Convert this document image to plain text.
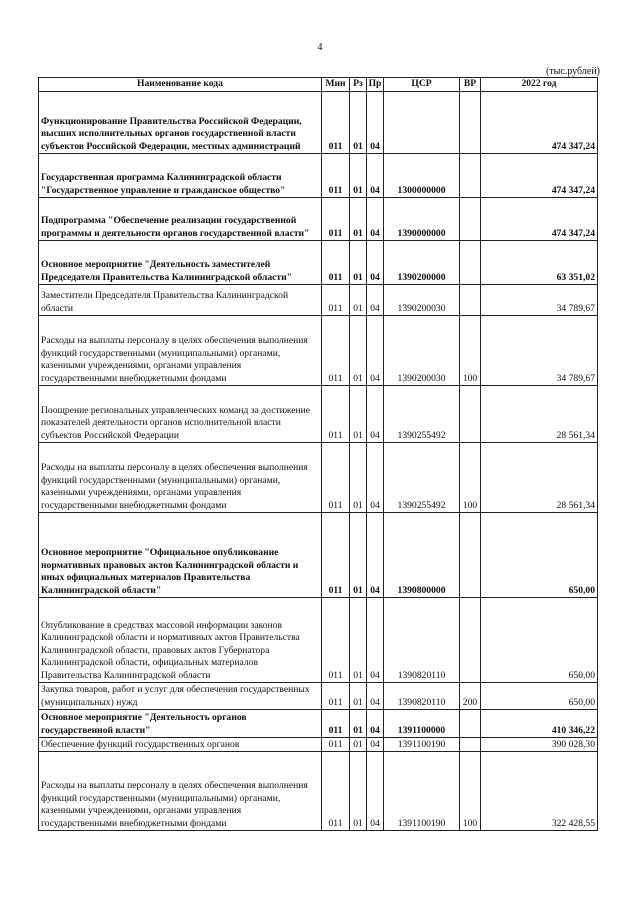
4
(тыс.рублей)
Наименование кода	Мин	Рз	Пр	ЦСР	ВР	2022 год
Функционирование Правительства Российской Федерации, высших исполнительных органов государственной власти субъектов Российской Федерации, местных администраций	011	01	04			474 347,24
Государственная программа Калининградской области "Государственное управление и гражданское общество"	011	01	04	1300000000		474 347,24
Подпрограмма "Обеспечение реализации государственной программы и деятельности органов государственной власти"	011	01	04	1390000000		474 347,24
Основное мероприятие "Деятельность заместителей Председателя Правительства Калининградской области"	011	01	04	1390200000		63 351,02
Заместители Председателя Правительства Калининградской области	011	01	04	1390200030		34 789,67
Расходы на выплаты персоналу в целях обеспечения выполнения функций государственными (муниципальными) органами, казенными учреждениями, органами управления государственными внебюджетными фондами	011	01	04	1390200030	100	34 789,67
Поощрение региональных управленческих команд за достижение показателей деятельности органов исполнительной власти субъектов Российской Федерации	011	01	04	1390255492		28 561,34
Расходы на выплаты персоналу в целях обеспечения выполнения функций государственными (муниципальными) органами, казенными учреждениями, органами управления государственными внебюджетными фондами	011	01	04	1390255492	100	28 561,34
Основное мероприятие "Официальное опубликование нормативных правовых актов Калининградской области и иных официальных материалов Правительства Калининградской области"	011	01	04	1390800000		650,00
Опубликование в средствах массовой информации законов Калининградской области и нормативных актов Правительства Калининградской области, правовых актов Губернатора Калининградской области, официальных материалов Правительства Калининградской области	011	01	04	1390820110		650,00
Закупка товаров, работ и услуг для обеспечения государственных (муниципальных) нужд	011	01	04	1390820110	200	650,00
Основное мероприятие "Деятельность органов государственной власти"	011	01	04	1391100000		410 346,22
Обеспечение функций государственных органов	011	01	04	1391100190		390 028,30
Расходы на выплаты персоналу в целях обеспечения выполнения функций государственными (муниципальными) органами, казенными учреждениями, органами управления государственными внебюджетными фондами	011	01	04	1391100190	100	322 428,55
